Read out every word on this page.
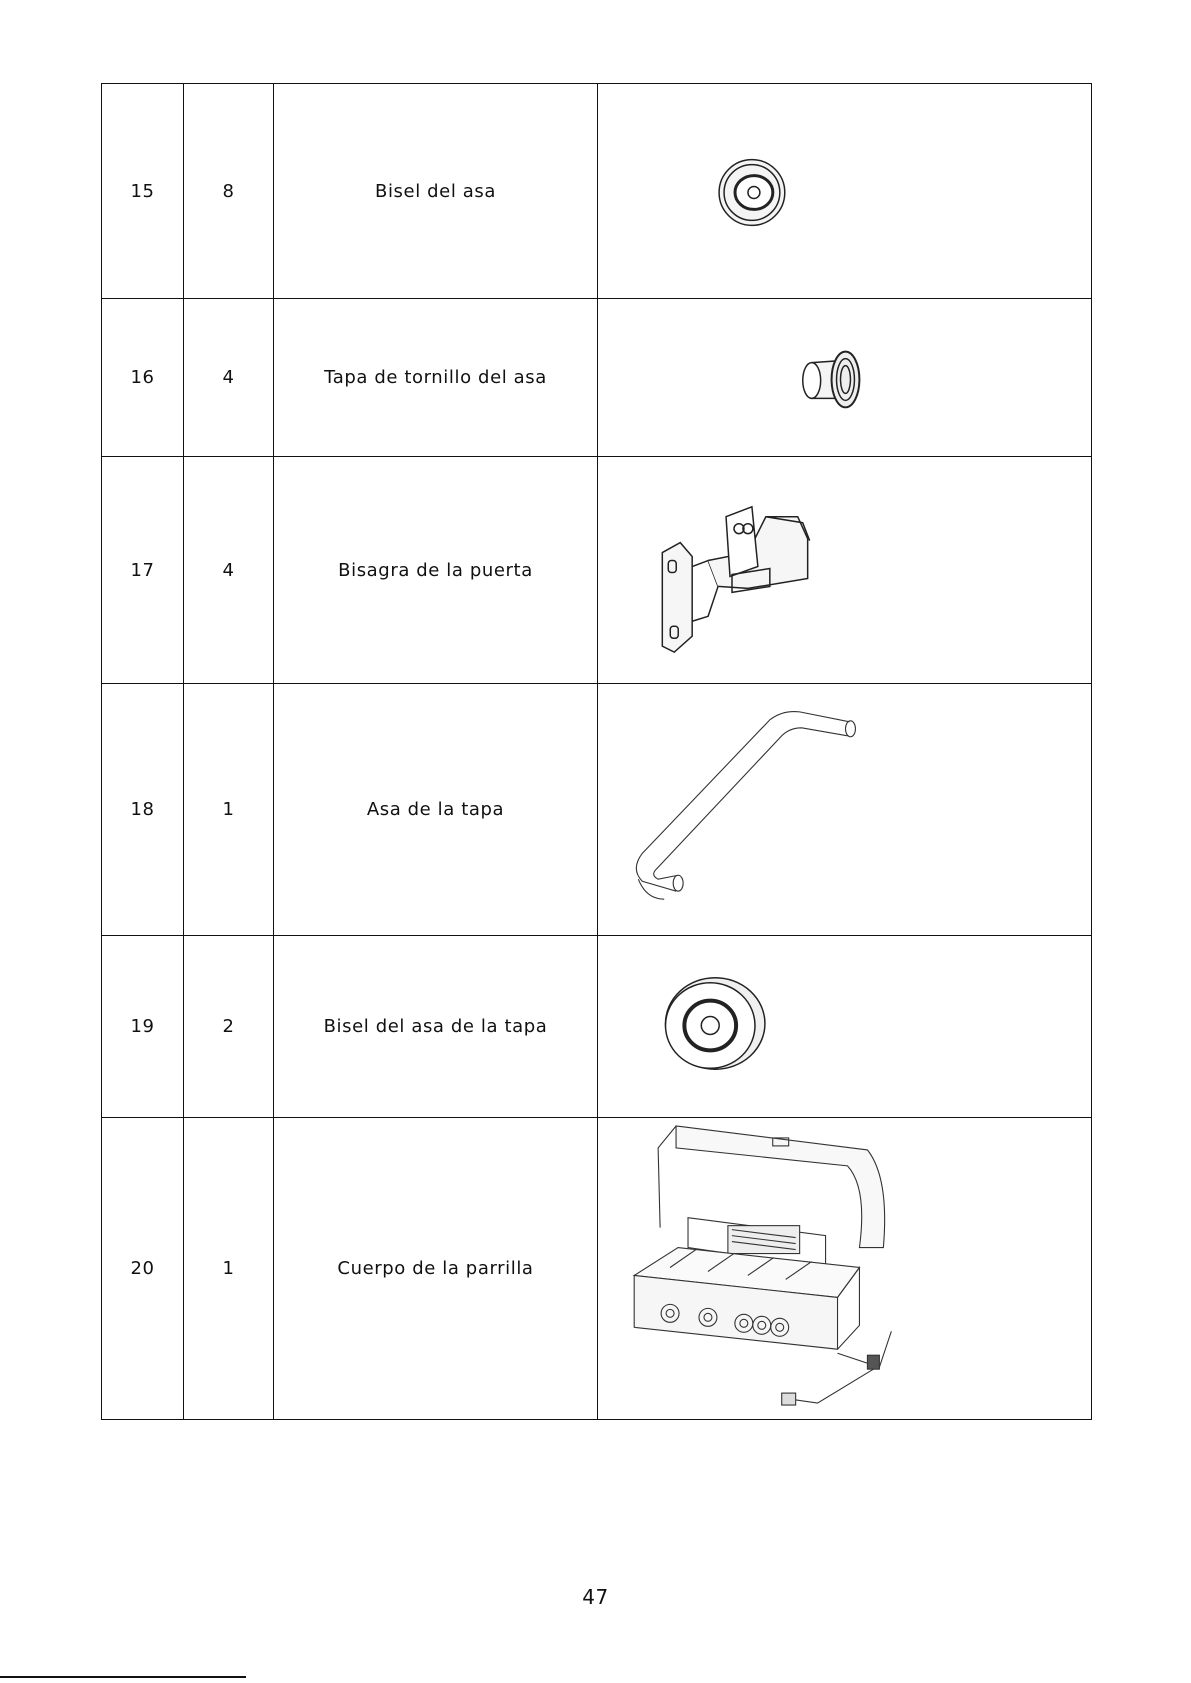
15	8	Bisel del asa	

16	4	Tapa de tornillo del asa	

17	4	Bisagra de la puerta	

18	1	Asa de la tapa	

19	2	Bisel del asa de la tapa	

20	1	Cuerpo de la parrilla	
47
